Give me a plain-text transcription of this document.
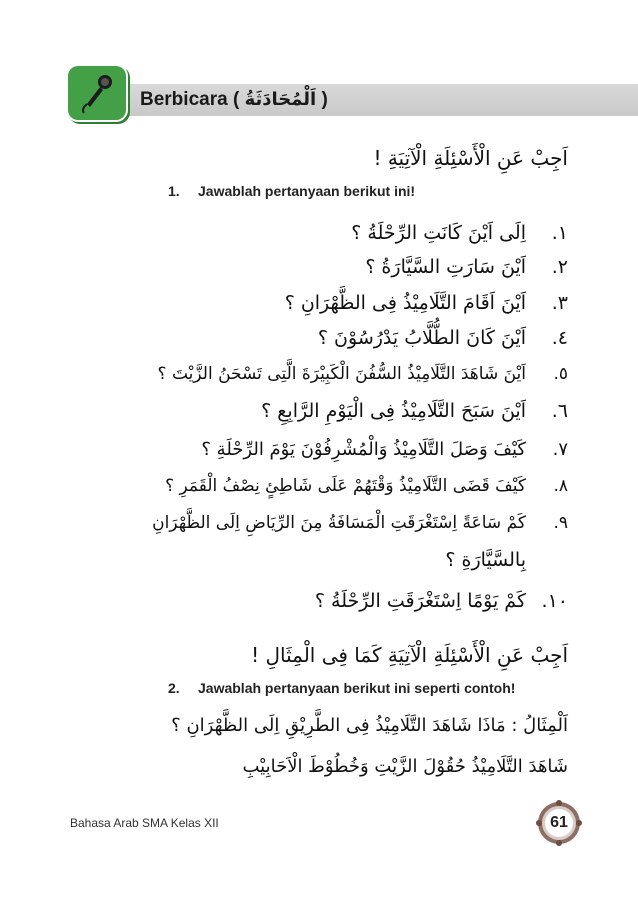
Berbicara ( اَلْمُحَادَثَةُ )
اَجِبْ عَنِ الْأَسْئِلَةِ الْآتِيَةِ !
1. Jawablah pertanyaan berikut ini!
١.اِلَى اَيْنَ كَانَتِ الرِّحْلَةُ ؟
٢.اَيْنَ سَارَتِ السَّيَّارَةُ ؟
٣.اَيْنَ اَقَامَ التَّلَامِيْذُ فِى الظَّهْرَانِ ؟
٤.اَيْنَ كَانَ الطُّلَّابُ يَدْرُسُوْنَ ؟
٥.اَيْنَ شَاهَدَ التَّلَامِيْذُ السُّفُنَ الْكَبِيْرَةَ الَّتِى تَسْحَنُ الزَّيْتَ ؟
٦.اَيْنَ سَبَحَ التَّلَامِيْذُ فِى الْيَوْمِ الرَّابِعِ ؟
٧.كَيْفَ وَصَلَ التَّلَامِيْذُ وَالْمُشْرِفُوْنَ يَوْمَ الرِّحْلَةِ ؟
٨.كَيْفَ قَضَى التَّلَامِيْذُ وَقْتَهُمْ عَلَى شَاطِئٍ نِصْفُ الْقَمَرِ ؟
٩.كَمْ سَاعَةً اِسْتَغْرَقَتِ الْمَسَافَةُ مِنَ الرِّيَاضِ اِلَى الظَّهْرَانِ
بِالسَّيَّارَةِ ؟
١٠.كَمْ يَوْمًا اِسْتَغْرَقَتِ الرِّحْلَةُ ؟
اَجِبْ عَنِ الْأَسْئِلَةِ الْآتِيَةِ كَمَا فِى الْمِثَالِ !
2. Jawablah pertanyaan berikut ini seperti contoh!
اَلْمِثَالُ : مَاذَا شَاهَدَ التَّلَامِيْذُ فِى الطَّرِيْقِ اِلَى الظَّهْرَانِ ؟
شَاهَدَ التَّلَامِيْذُ حُقُوْلَ الزَّيْتِ وَخُطُوْطَ الْاَحَابِيْبِ
Bahasa Arab SMA Kelas XII	61
